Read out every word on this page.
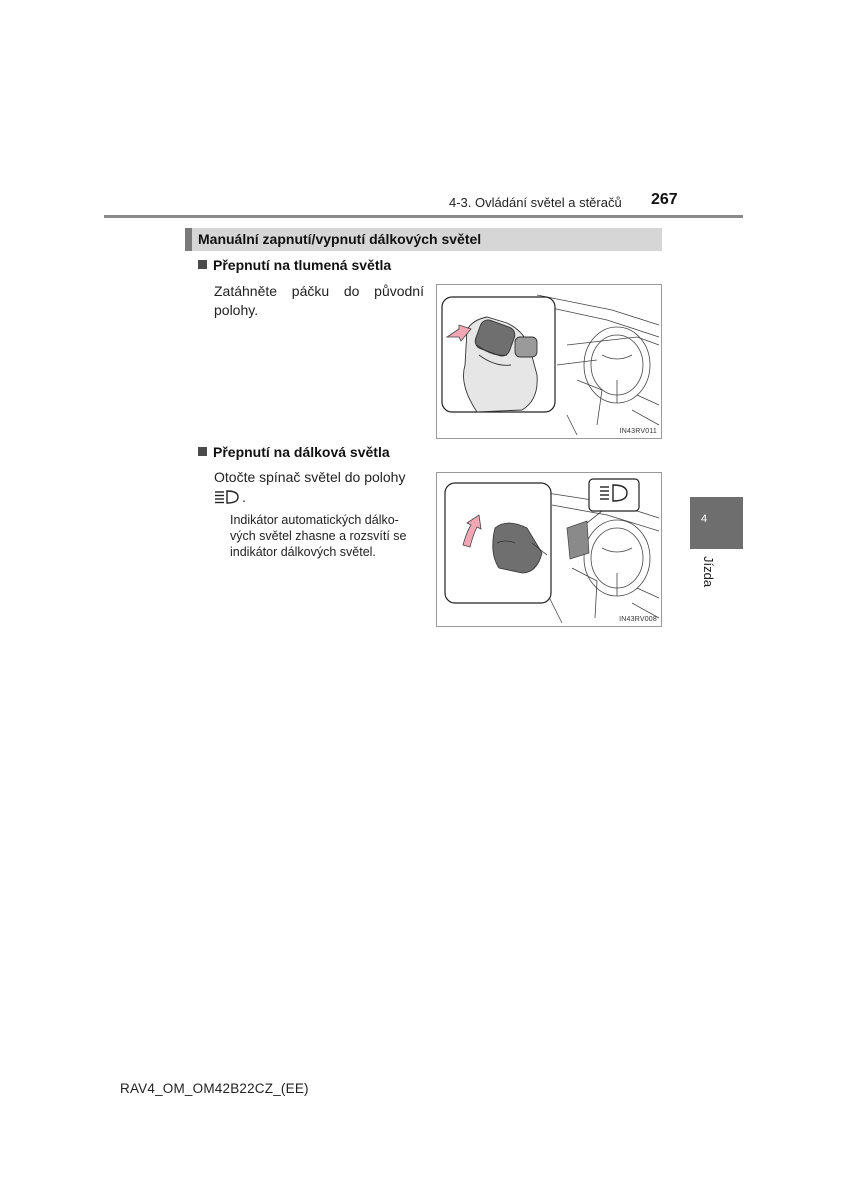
4-3. Ovládání světel a stěračů 267
Manuální zapnutí/vypnutí dálkových světel
Přepnutí na tlumená světla
Zatáhněte páčku do původní
polohy.
IN43RV011
Přepnutí na dálková světla
Otočte spínač světel do polohy
.
Indikátor automatických dálko-
vých světel zhasne a rozsvítí se
indikátor dálkových světel.
IN43RV008
4
Jízda
RAV4_OM_OM42B22CZ_(EE)
